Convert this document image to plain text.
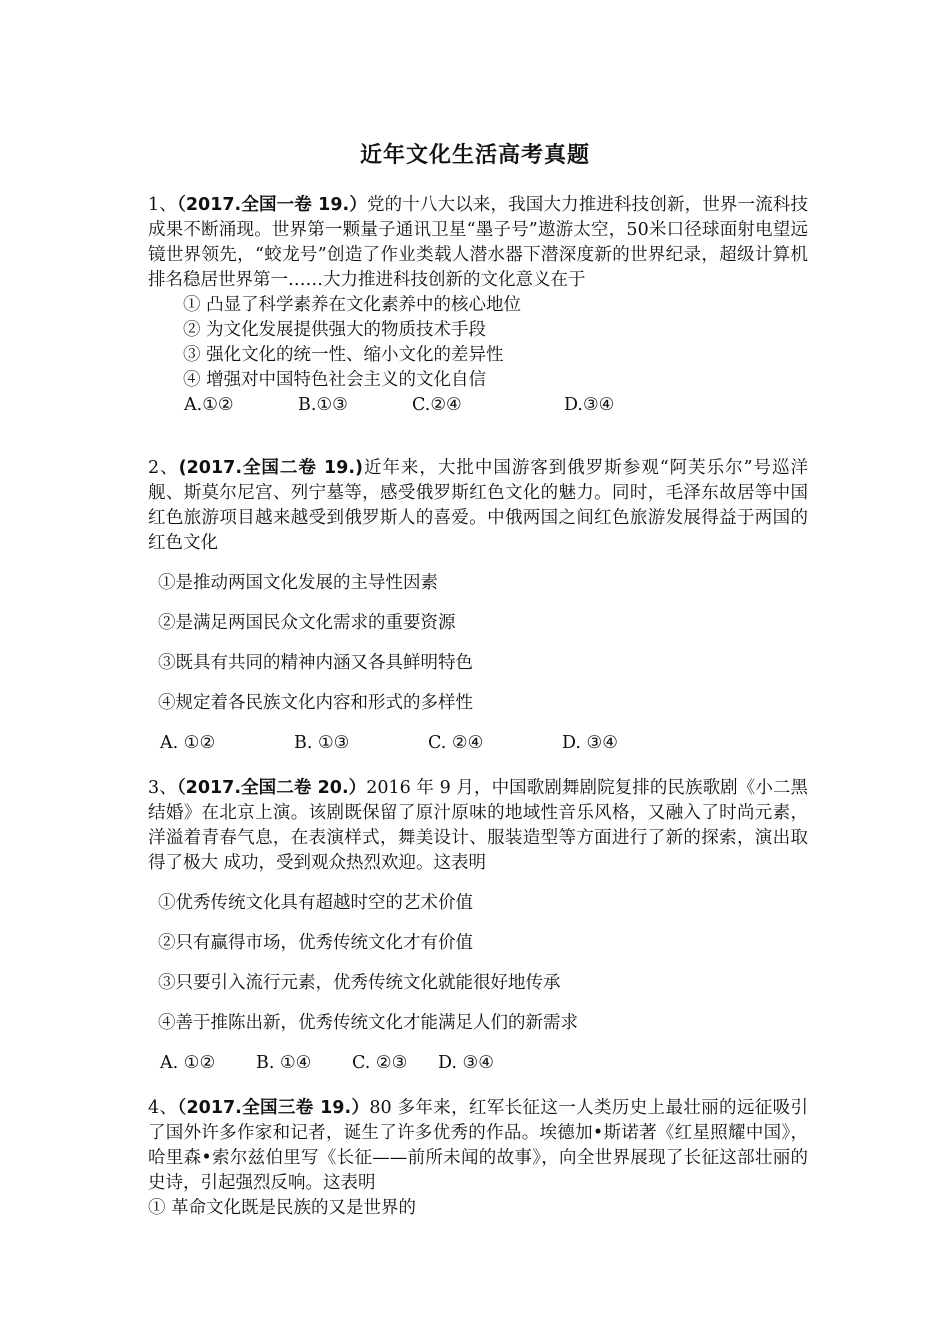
近年文化生活高考真题

1、（2017.全国一卷 19.）党的十八大以来，我国大力推进科技创新，世界一流科技成果不断涌现。世界第一颗量子通讯卫星“墨子号”遨游太空，50米口径球面射电望远镜世界领先，“蛟龙号”创造了作业类载人潜水器下潜深度新的世界纪录，超级计算机排名稳居世界第一……大力推进科技创新的文化意义在于

① 凸显了科学素养在文化素养中的核心地位

② 为文化发展提供强大的物质技术手段

③ 强化文化的统一性、缩小文化的差异性

④ 增强对中国特色社会主义的文化自信

A.①②	B.①③	C.②④	D.③④

2、(2017.全国二卷 19.)近年来，大批中国游客到俄罗斯参观“阿芙乐尔”号巡洋舰、斯莫尔尼宫、列宁墓等，感受俄罗斯红色文化的魅力。同时，毛泽东故居等中国红色旅游项目越来越受到俄罗斯人的喜爱。中俄两国之间红色旅游发展得益于两国的红色文化

①是推动两国文化发展的主导性因素

②是满足两国民众文化需求的重要资源

③既具有共同的精神内涵又各具鲜明特色

④规定着各民族文化内容和形式的多样性

A. ①②	B. ①③	C. ②④	D. ③④

3、（2017.全国二卷 20.）2016 年 9 月，中国歌剧舞剧院复排的民族歌剧《小二黑结婚》在北京上演。该剧既保留了原汁原味的地域性音乐风格，又融入了时尚元素，洋溢着青春气息，在表演样式，舞美设计、服装造型等方面进行了新的探索，演出取得了极大 成功，受到观众热烈欢迎。这表明

①优秀传统文化具有超越时空的艺术价值

②只有赢得市场，优秀传统文化才有价值

③只要引入流行元素，优秀传统文化就能很好地传承

④善于推陈出新，优秀传统文化才能满足人们的新需求

A. ①②	B. ①④	C. ②③	D. ③④

4、（2017.全国三卷 19.）80 多年来，红军长征这一人类历史上最壮丽的远征吸引了国外许多作家和记者，诞生了许多优秀的作品。埃德加•斯诺著《红星照耀中国》，哈里森•索尔兹伯里写《长征——前所未闻的故事》，向全世界展现了长征这部壮丽的史诗，引起强烈反响。这表明

① 革命文化既是民族的又是世界的
